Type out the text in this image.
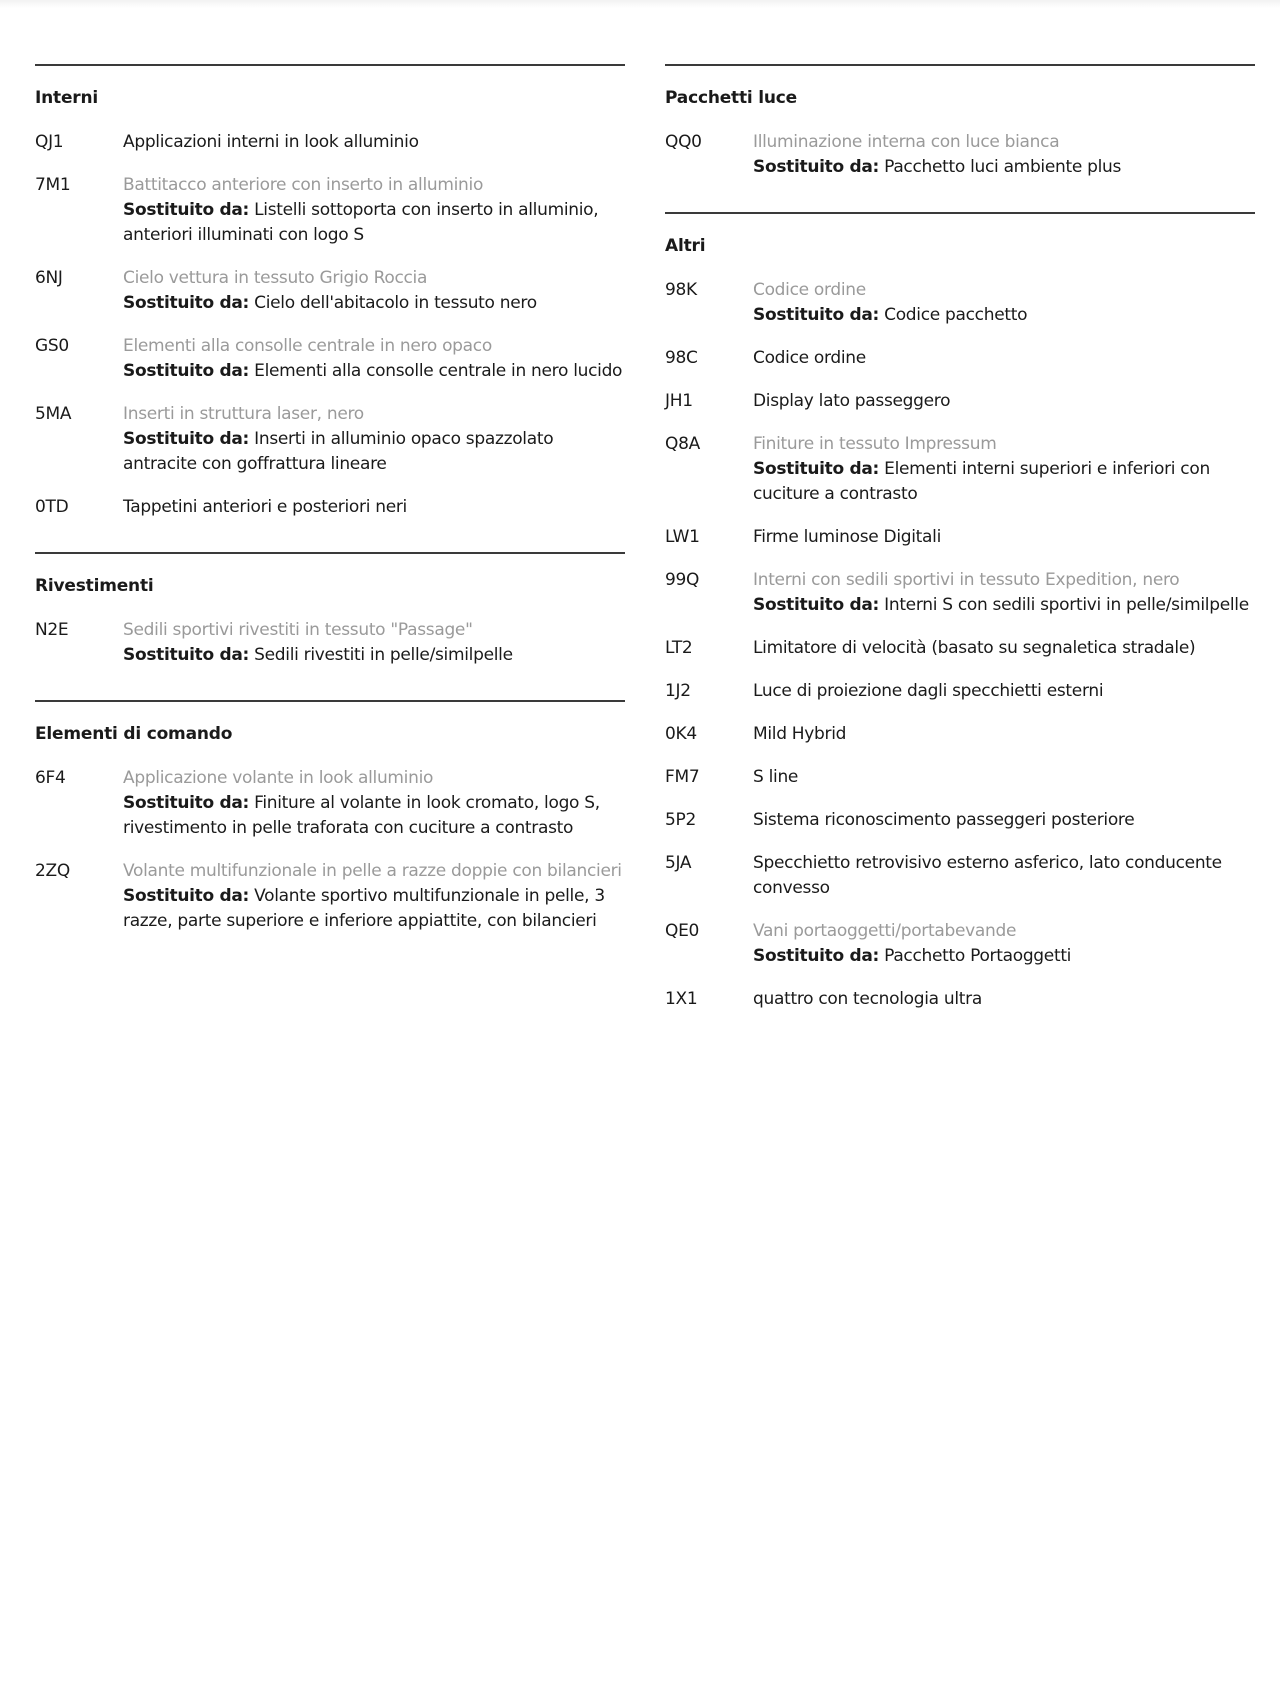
Interni
QJ1	Applicazioni interni in look alluminio
7M1	Battitacco anteriore con inserto in alluminio
Sostituito da: Listelli sottoporta con inserto in alluminio, anteriori illuminati con logo S
6NJ	Cielo vettura in tessuto Grigio Roccia
Sostituito da: Cielo dell'abitacolo in tessuto nero
GS0	Elementi alla consolle centrale in nero opaco
Sostituito da: Elementi alla consolle centrale in nero lucido
5MA	Inserti in struttura laser, nero
Sostituito da: Inserti in alluminio opaco spazzolato antracite con goffrattura lineare
0TD	Tappetini anteriori e posteriori neri
Rivestimenti
N2E	Sedili sportivi rivestiti in tessuto "Passage"
Sostituito da: Sedili rivestiti in pelle/similpelle
Elementi di comando
6F4	Applicazione volante in look alluminio
Sostituito da: Finiture al volante in look cromato, logo S, rivestimento in pelle traforata con cuciture a contrasto
2ZQ	Volante multifunzionale in pelle a razze doppie con bilancieri
Sostituito da: Volante sportivo multifunzionale in pelle, 3 razze, parte superiore e inferiore appiattite, con bilancieri
Pacchetti luce
QQ0	Illuminazione interna con luce bianca
Sostituito da: Pacchetto luci ambiente plus
Altri
98K	Codice ordine
Sostituito da: Codice pacchetto
98C	Codice ordine
JH1	Display lato passeggero
Q8A	Finiture in tessuto Impressum
Sostituito da: Elementi interni superiori e inferiori con cuciture a contrasto
LW1	Firme luminose Digitali
99Q	Interni con sedili sportivi in tessuto Expedition, nero
Sostituito da: Interni S con sedili sportivi in pelle/similpelle
LT2	Limitatore di velocità (basato su segnaletica stradale)
1J2	Luce di proiezione dagli specchietti esterni
0K4	Mild Hybrid
FM7	S line
5P2	Sistema riconoscimento passeggeri posteriore
5JA	Specchietto retrovisivo esterno asferico, lato conducente convesso
QE0	Vani portaoggetti/portabevande
Sostituito da: Pacchetto Portaoggetti
1X1	quattro con tecnologia ultra
